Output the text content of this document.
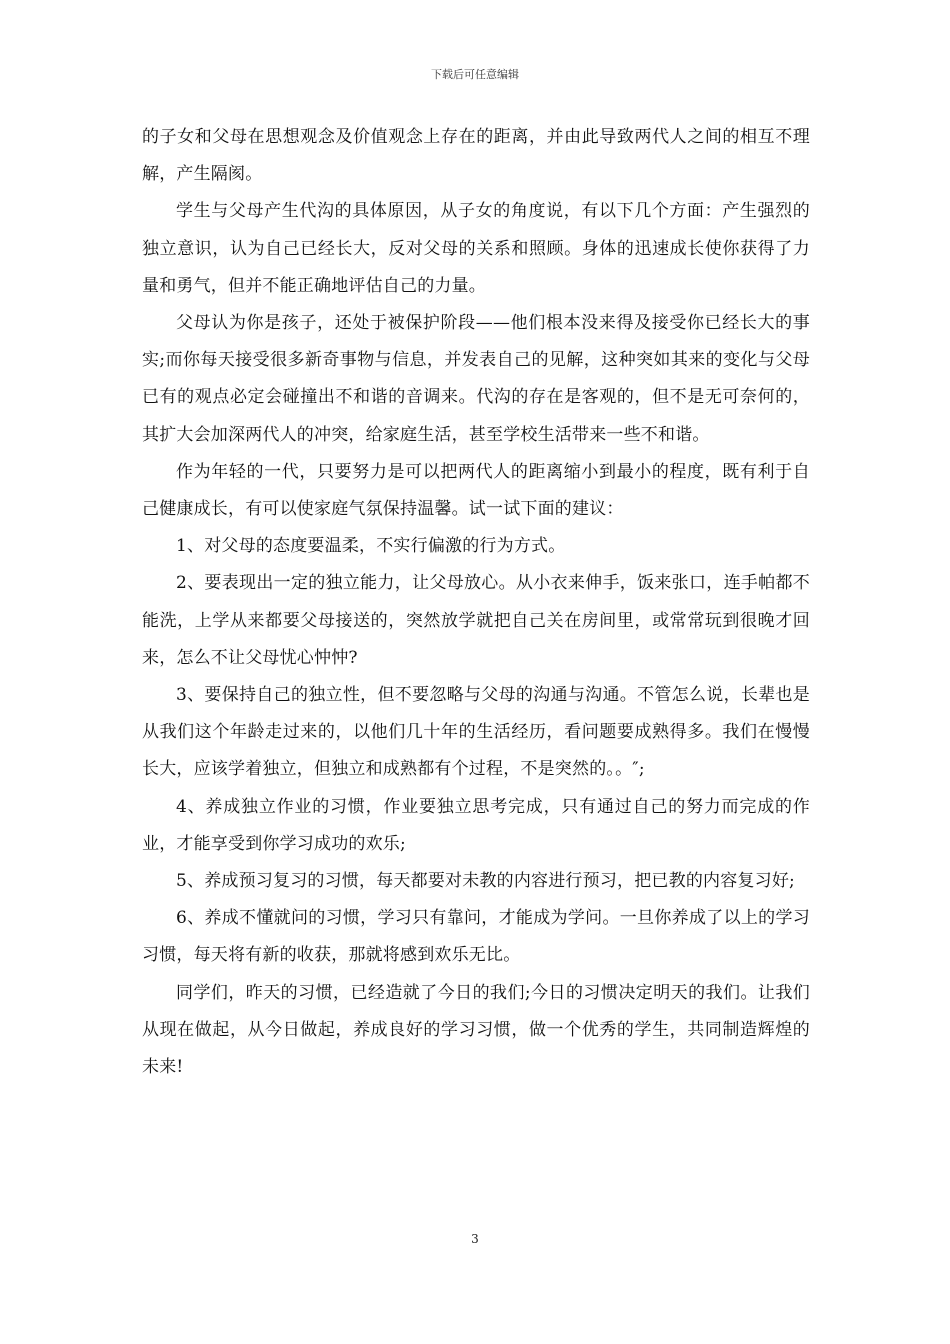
下载后可任意编辑

的子女和父母在思想观念及价值观念上存在的距离，并由此导致两代人之间的相互不理解，产生隔阂。

学生与父母产生代沟的具体原因，从子女的角度说，有以下几个方面：产生强烈的独立意识，认为自己已经长大，反对父母的关系和照顾。身体的迅速成长使你获得了力量和勇气，但并不能正确地评估自己的力量。

父母认为你是孩子，还处于被保护阶段——他们根本没来得及接受你已经长大的事实;而你每天接受很多新奇事物与信息，并发表自己的见解，这种突如其来的变化与父母已有的观点必定会碰撞出不和谐的音调来。代沟的存在是客观的，但不是无可奈何的，其扩大会加深两代人的冲突，给家庭生活，甚至学校生活带来一些不和谐。

作为年轻的一代，只要努力是可以把两代人的距离缩小到最小的程度，既有利于自己健康成长，有可以使家庭气氛保持温馨。试一试下面的建议：

1、对父母的态度要温柔，不实行偏激的行为方式。

2、要表现出一定的独立能力，让父母放心。从小衣来伸手，饭来张口，连手帕都不能洗，上学从来都要父母接送的，突然放学就把自己关在房间里，或常常玩到很晚才回来，怎么不让父母忧心忡忡?

3、要保持自己的独立性，但不要忽略与父母的沟通与沟通。不管怎么说，长辈也是从我们这个年龄走过来的，以他们几十年的生活经历，看问题要成熟得多。我们在慢慢长大，应该学着独立，但独立和成熟都有个过程，不是突然的。。″;

4、养成独立作业的习惯，作业要独立思考完成，只有通过自己的努力而完成的作业，才能享受到你学习成功的欢乐;

5、养成预习复习的习惯，每天都要对未教的内容进行预习，把已教的内容复习好;

6、养成不懂就问的习惯，学习只有靠问，才能成为学问。一旦你养成了以上的学习习惯，每天将有新的收获，那就将感到欢乐无比。

同学们，昨天的习惯，已经造就了今日的我们;今日的习惯决定明天的我们。让我们从现在做起，从今日做起，养成良好的学习习惯，做一个优秀的学生，共同制造辉煌的未来!

3
